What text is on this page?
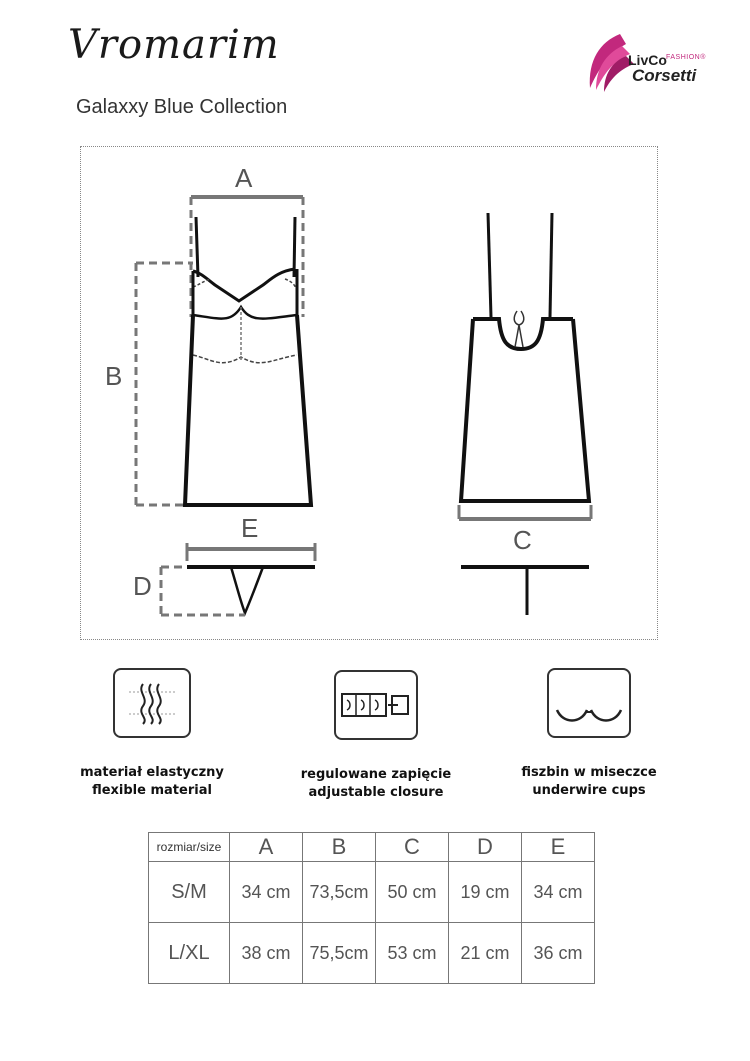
Vromarim
Galaxxy Blue Collection
LivCo FASHION®
Corsetti
A
B
C
D
E
materiał elastyczny
flexible material
regulowane zapięcie
adjustable closure
fiszbin w miseczce
underwire cups
rozmiar/size	A	B	C	D	E
S/M	34 cm	73,5cm	50 cm	19 cm	34 cm
L/XL	38 cm	75,5cm	53 cm	21 cm	36 cm
